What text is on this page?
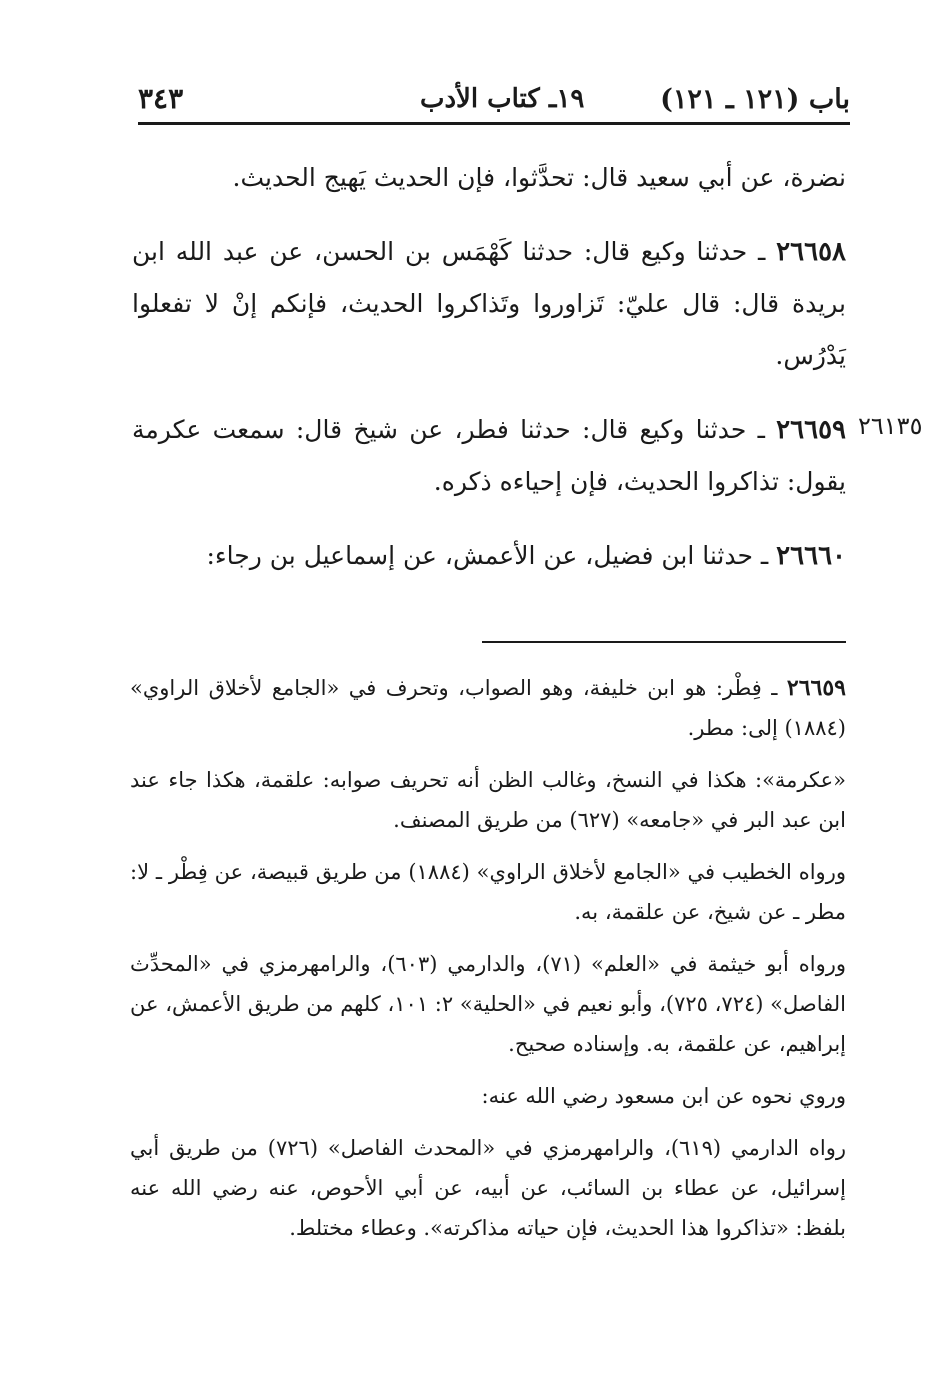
٣٤٣	١٩ـ كتاب الأدب	باب (١٢١ ـ ١٢١)
٢٦١٣٥

نضرة، عن أبي سعيد قال: تحدَّثوا، فإن الحديث يَهيج الحديث.

٢٦٦٥٨ ـ حدثنا وكيع قال: حدثنا كَهْمَس بن الحسن، عن عبد الله ابن بريدة قال: قال عليّ: تَزاوروا وتَذاكروا الحديث، فإنكم إنْ لا تفعلوا يَدْرُس.

٢٦٦٥٩ ـ حدثنا وكيع قال: حدثنا فطر، عن شيخ قال: سمعت عكرمة يقول: تذاكروا الحديث، فإن إحياءه ذكره.

٢٦٦٦٠ ـ حدثنا ابن فضيل، عن الأعمش، عن إسماعيل بن رجاء:

٢٦٦٥٩ ـ فِطْر: هو ابن خليفة، وهو الصواب، وتحرف في «الجامع لأخلاق الراوي» (١٨٨٤) إلى: مطر.

«عكرمة»: هكذا في النسخ، وغالب الظن أنه تحريف صوابه: علقمة، هكذا جاء عند ابن عبد البر في «جامعه» (٦٢٧) من طريق المصنف.

ورواه الخطيب في «الجامع لأخلاق الراوي» (١٨٨٤) من طريق قبيصة، عن فِطْر ـ لا: مطر ـ عن شيخ، عن علقمة، به.

ورواه أبو خيثمة في «العلم» (٧١)، والدارمي (٦٠٣)، والرامهرمزي في «المحدِّث الفاصل» (٧٢٤، ٧٢٥)، وأبو نعيم في «الحلية» ٢: ١٠١، كلهم من طريق الأعمش، عن إبراهيم، عن علقمة، به. وإسناده صحيح.

وروي نحوه عن ابن مسعود رضي الله عنه:

رواه الدارمي (٦١٩)، والرامهرمزي في «المحدث الفاصل» (٧٢٦) من طريق أبي إسرائيل، عن عطاء بن السائب، عن أبيه، عن أبي الأحوص، عنه رضي الله عنه بلفظ: «تذاكروا هذا الحديث، فإن حياته مذاكرته». وعطاء مختلط.
